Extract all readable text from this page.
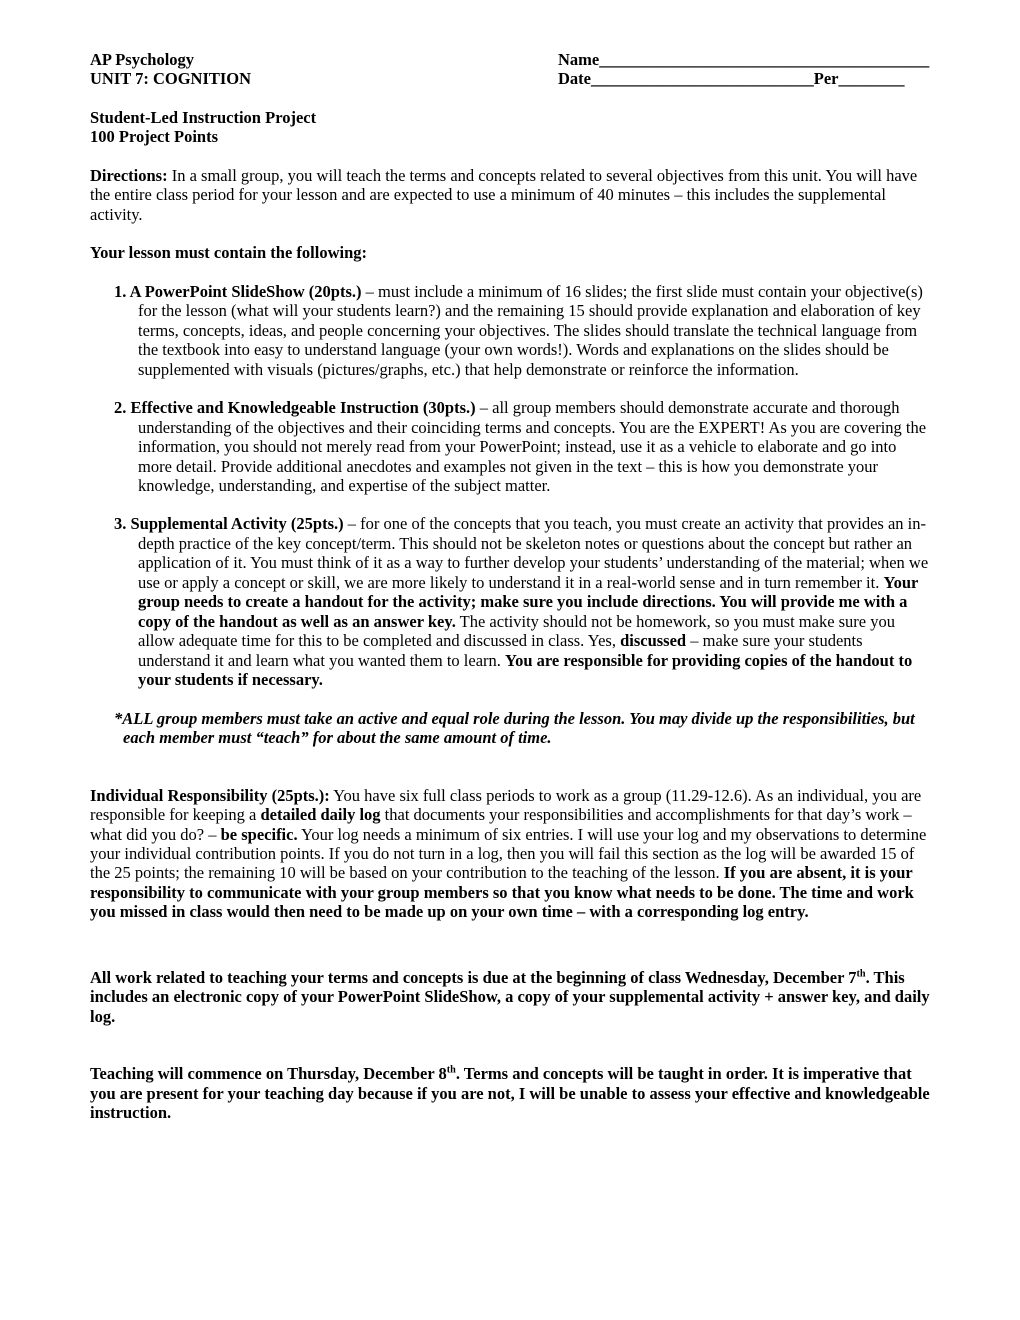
AP Psychology	Name________________________________________
UNIT 7: COGNITION	Date___________________________Per________

Student-Led Instruction Project

100 Project Points

Directions: In a small group, you will teach the terms and concepts related to several objectives from this unit. You will have the entire class period for your lesson and are expected to use a minimum of 40 minutes – this includes the supplemental activity.

Your lesson must contain the following:

1. A PowerPoint SlideShow (20pts.) – must include a minimum of 16 slides; the first slide must contain your objective(s) for the lesson (what will your students learn?) and the remaining 15 should provide explanation and elaboration of key terms, concepts, ideas, and people concerning your objectives. The slides should translate the technical language from the textbook into easy to understand language (your own words!). Words and explanations on the slides should be supplemented with visuals (pictures/graphs, etc.) that help demonstrate or reinforce the information.

2. Effective and Knowledgeable Instruction (30pts.) – all group members should demonstrate accurate and thorough understanding of the objectives and their coinciding terms and concepts. You are the EXPERT! As you are covering the information, you should not merely read from your PowerPoint; instead, use it as a vehicle to elaborate and go into more detail. Provide additional anecdotes and examples not given in the text – this is how you demonstrate your knowledge, understanding, and expertise of the subject matter.

3. Supplemental Activity (25pts.) – for one of the concepts that you teach, you must create an activity that provides an in-depth practice of the key concept/term. This should not be skeleton notes or questions about the concept but rather an application of it. You must think of it as a way to further develop your students’ understanding of the material; when we use or apply a concept or skill, we are more likely to understand it in a real-world sense and in turn remember it. Your group needs to create a handout for the activity; make sure you include directions. You will provide me with a copy of the handout as well as an answer key. The activity should not be homework, so you must make sure you allow adequate time for this to be completed and discussed in class. Yes, discussed – make sure your students understand it and learn what you wanted them to learn. You are responsible for providing copies of the handout to your students if necessary.

*ALL group members must take an active and equal role during the lesson. You may divide up the responsibilities, but each member must “teach” for about the same amount of time.

Individual Responsibility (25pts.): You have six full class periods to work as a group (11.29-12.6). As an individual, you are responsible for keeping a detailed daily log that documents your responsibilities and accomplishments for that day’s work – what did you do? – be specific. Your log needs a minimum of six entries. I will use your log and my observations to determine your individual contribution points. If you do not turn in a log, then you will fail this section as the log will be awarded 15 of the 25 points; the remaining 10 will be based on your contribution to the teaching of the lesson. If you are absent, it is your responsibility to communicate with your group members so that you know what needs to be done. The time and work you missed in class would then need to be made up on your own time – with a corresponding log entry.

All work related to teaching your terms and concepts is due at the beginning of class Wednesday, December 7th. This includes an electronic copy of your PowerPoint SlideShow, a copy of your supplemental activity + answer key, and daily log.

Teaching will commence on Thursday, December 8th. Terms and concepts will be taught in order. It is imperative that you are present for your teaching day because if you are not, I will be unable to assess your effective and knowledgeable instruction.
